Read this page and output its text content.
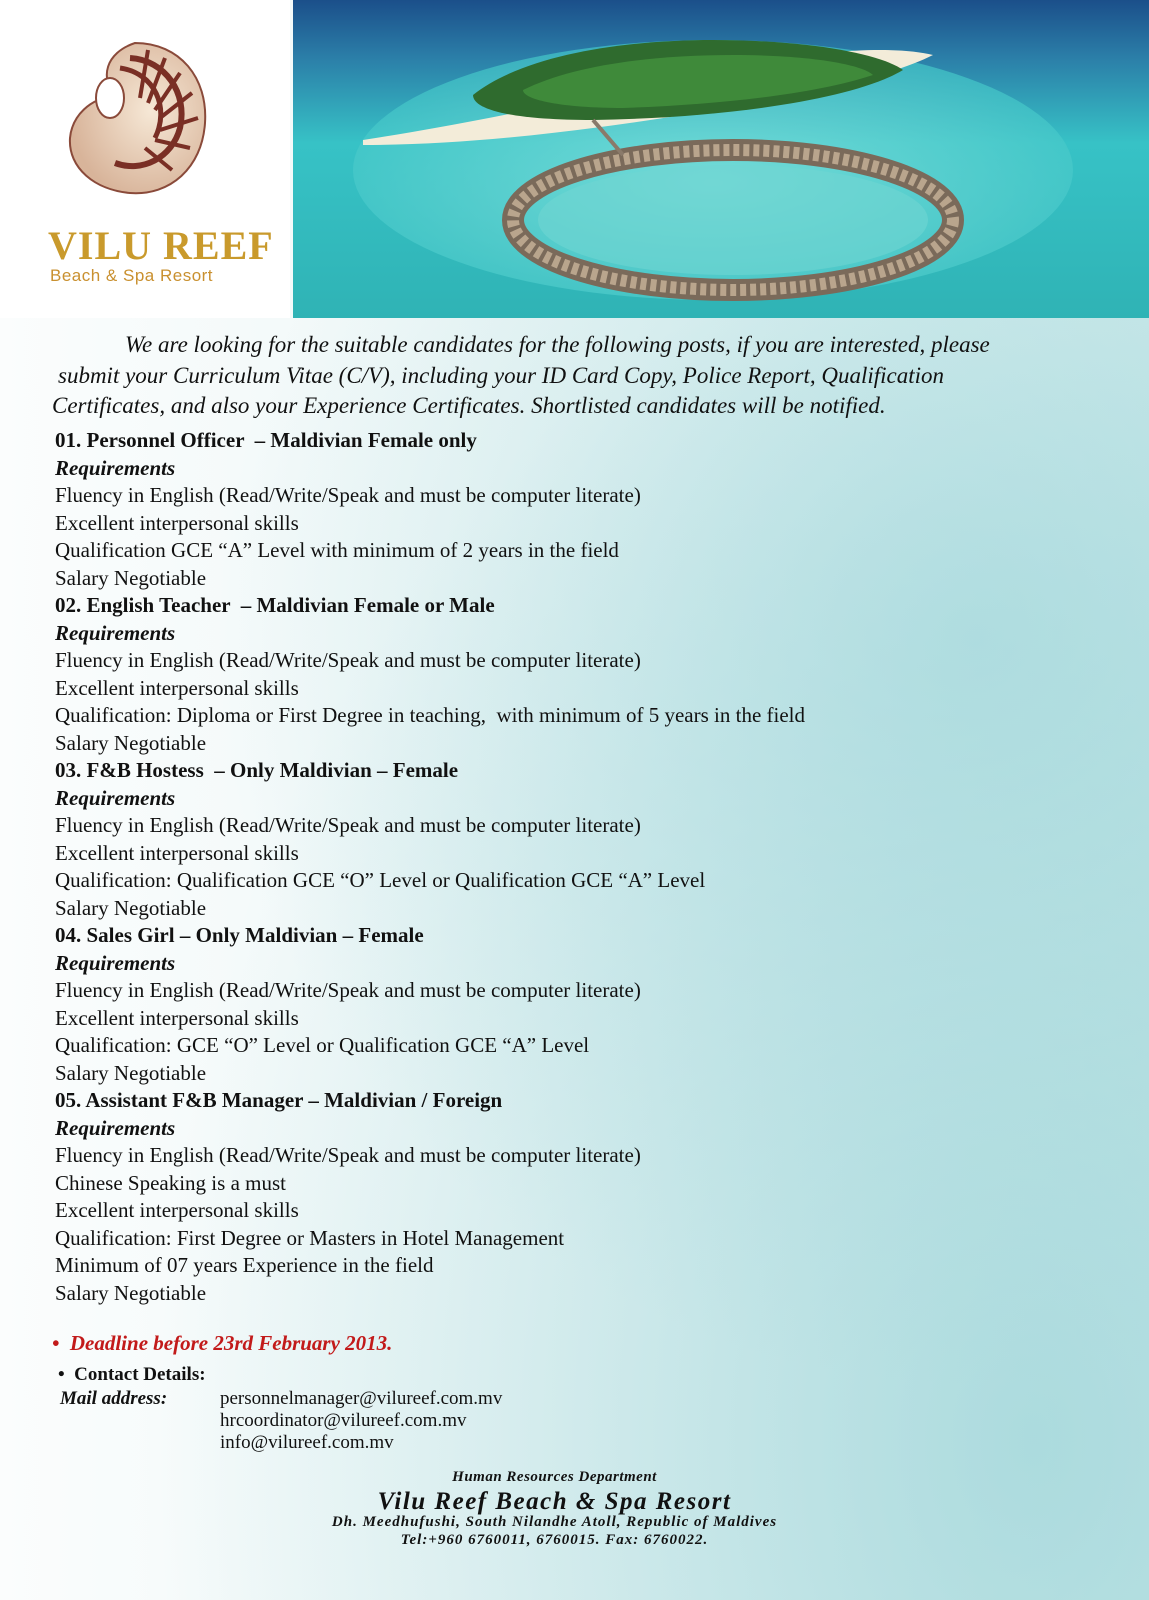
VILU REEF
Beach & Spa Resort

We are looking for the suitable candidates for the following posts, if you are interested, please

submit your Curriculum Vitae (C/V), including your ID Card Copy, Police Report, Qualification

Certificates, and also your Experience Certificates. Shortlisted candidates will be notified.

01. Personnel Officer  – Maldivian Female only
Requirements
Fluency in English (Read/Write/Speak and must be computer literate)
Excellent interpersonal skills
Qualification GCE “A” Level with minimum of 2 years in the field
Salary Negotiable
02. English Teacher  – Maldivian Female or Male
Requirements
Fluency in English (Read/Write/Speak and must be computer literate)
Excellent interpersonal skills
Qualification: Diploma or First Degree in teaching,  with minimum of 5 years in the field
Salary Negotiable
03. F&B Hostess  – Only Maldivian – Female
Requirements
Fluency in English (Read/Write/Speak and must be computer literate)
Excellent interpersonal skills
Qualification: Qualification GCE “O” Level or Qualification GCE “A” Level
Salary Negotiable
04. Sales Girl – Only Maldivian – Female
Requirements
Fluency in English (Read/Write/Speak and must be computer literate)
Excellent interpersonal skills
Qualification: GCE “O” Level or Qualification GCE “A” Level
Salary Negotiable
05. Assistant F&B Manager – Maldivian / Foreign
Requirements
Fluency in English (Read/Write/Speak and must be computer literate)
Chinese Speaking is a must
Excellent interpersonal skills
Qualification: First Degree or Masters in Hotel Management
Minimum of 07 years Experience in the field
Salary Negotiable
•  Deadline before 23rd February 2013.
•  Contact Details:
Mail address:	personnelmanager@vilureef.com.mv
hrcoordinator@vilureef.com.mv
info@vilureef.com.mv
Human Resources Department
Vilu Reef Beach & Spa Resort
Dh. Meedhufushi, South Nilandhe Atoll, Republic of Maldives
Tel:+960 6760011, 6760015. Fax: 6760022.
